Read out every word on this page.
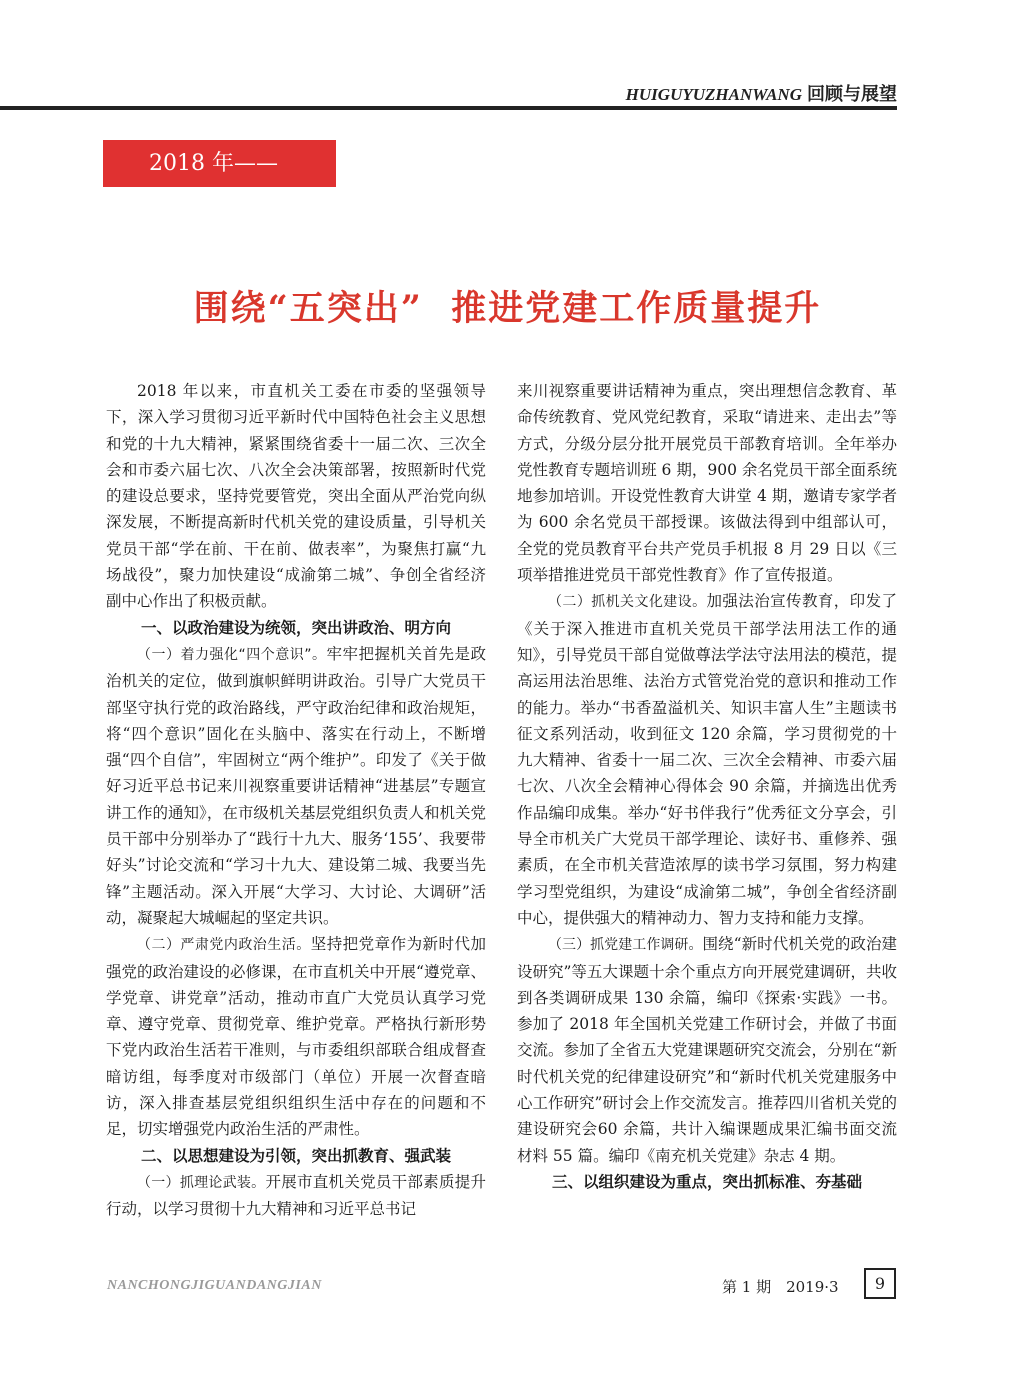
HUIGUYUZHANWANG 回顾与展望
2018 年——
围绕“五突出”  推进党建工作质量提升

2018 年以来，市直机关工委在市委的坚强领导下，深入学习贯彻习近平新时代中国特色社会主义思想和党的十九大精神，紧紧围绕省委十一届二次、三次全会和市委六届七次、八次全会决策部署，按照新时代党的建设总要求，坚持党要管党，突出全面从严治党向纵深发展，不断提高新时代机关党的建设质量，引导机关党员干部“学在前、干在前、做表率”，为聚焦打赢“九场战役”，聚力加快建设“成渝第二城”、争创全省经济副中心作出了积极贡献。

一、以政治建设为统领，突出讲政治、明方向

（一）着力强化“四个意识”。牢牢把握机关首先是政治机关的定位，做到旗帜鲜明讲政治。引导广大党员干部坚守执行党的政治路线，严守政治纪律和政治规矩，将“四个意识”固化在头脑中、落实在行动上，不断增强“四个自信”，牢固树立“两个维护”。印发了《关于做好习近平总书记来川视察重要讲话精神“进基层”专题宣讲工作的通知》，在市级机关基层党组织负责人和机关党员干部中分别举办了“践行十九大、服务‘155’、我要带好头”讨论交流和“学习十九大、建设第二城、我要当先锋”主题活动。深入开展“大学习、大讨论、大调研”活动，凝聚起大城崛起的坚定共识。

（二）严肃党内政治生活。坚持把党章作为新时代加强党的政治建设的必修课，在市直机关中开展“遵党章、学党章、讲党章”活动，推动市直广大党员认真学习党章、遵守党章、贯彻党章、维护党章。严格执行新形势下党内政治生活若干准则，与市委组织部联合组成督查暗访组，每季度对市级部门（单位）开展一次督查暗访，深入排查基层党组织组织生活中存在的问题和不足，切实增强党内政治生活的严肃性。

二、以思想建设为引领，突出抓教育、强武装

（一）抓理论武装。开展市直机关党员干部素质提升行动，以学习贯彻十九大精神和习近平总书记

来川视察重要讲话精神为重点，突出理想信念教育、革命传统教育、党风党纪教育，采取“请进来、走出去”等方式，分级分层分批开展党员干部教育培训。全年举办党性教育专题培训班 6 期，900 余名党员干部全面系统地参加培训。开设党性教育大讲堂 4 期，邀请专家学者为 600 余名党员干部授课。该做法得到中组部认可，全党的党员教育平台共产党员手机报 8 月 29 日以《三项举措推进党员干部党性教育》作了宣传报道。

（二）抓机关文化建设。加强法治宣传教育，印发了《关于深入推进市直机关党员干部学法用法工作的通知》，引导党员干部自觉做尊法学法守法用法的模范，提高运用法治思维、法治方式管党治党的意识和推动工作的能力。举办“书香盈溢机关、知识丰富人生”主题读书征文系列活动，收到征文 120 余篇，学习贯彻党的十九大精神、省委十一届二次、三次全会精神、市委六届七次、八次全会精神心得体会 90 余篇，并摘选出优秀作品编印成集。举办“好书伴我行”优秀征文分享会，引导全市机关广大党员干部学理论、读好书、重修养、强素质，在全市机关营造浓厚的读书学习氛围，努力构建学习型党组织，为建设“成渝第二城”，争创全省经济副中心，提供强大的精神动力、智力支持和能力支撑。

（三）抓党建工作调研。围绕“新时代机关党的政治建设研究”等五大课题十余个重点方向开展党建调研，共收到各类调研成果 130 余篇，编印《探索·实践》一书。参加了 2018 年全国机关党建工作研讨会，并做了书面交流。参加了全省五大党建课题研究交流会，分别在“新时代机关党的纪律建设研究”和“新时代机关党建服务中心工作研究”研讨会上作交流发言。推荐四川省机关党的建设研究会60 余篇，共计入编课题成果汇编书面交流材料 55 篇。编印《南充机关党建》杂志 4 期。

三、以组织建设为重点，突出抓标准、夯基础
NANCHONGJIGUANDANGJIAN	第 1 期　2019·3	9
